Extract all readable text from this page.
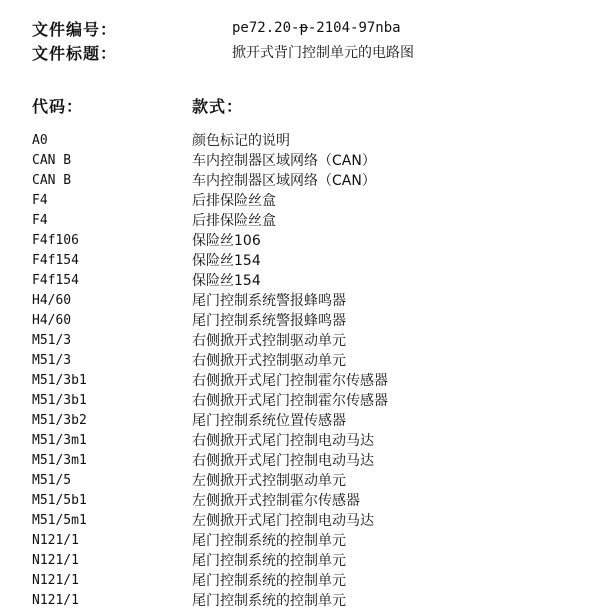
文件编号：	pe72.20-p-2104-97nba
文件标题：	掀开式背门控制单元的电路图
代码：	款式：
A0	颜色标记的说明
CAN B	车内控制器区域网络（CAN）
CAN B	车内控制器区域网络（CAN）
F4	后排保险丝盒
F4	后排保险丝盒
F4f106	保险丝106
F4f154	保险丝154
F4f154	保险丝154
H4/60	尾门控制系统警报蜂鸣器
H4/60	尾门控制系统警报蜂鸣器
M51/3	右侧掀开式控制驱动单元
M51/3	右侧掀开式控制驱动单元
M51/3b1	右侧掀开式尾门控制霍尔传感器
M51/3b1	右侧掀开式尾门控制霍尔传感器
M51/3b2	尾门控制系统位置传感器
M51/3m1	右侧掀开式尾门控制电动马达
M51/3m1	右侧掀开式尾门控制电动马达
M51/5	左侧掀开式控制驱动单元
M51/5b1	左侧掀开式控制霍尔传感器
M51/5m1	左侧掀开式尾门控制电动马达
N121/1	尾门控制系统的控制单元
N121/1	尾门控制系统的控制单元
N121/1	尾门控制系统的控制单元
N121/1	尾门控制系统的控制单元
